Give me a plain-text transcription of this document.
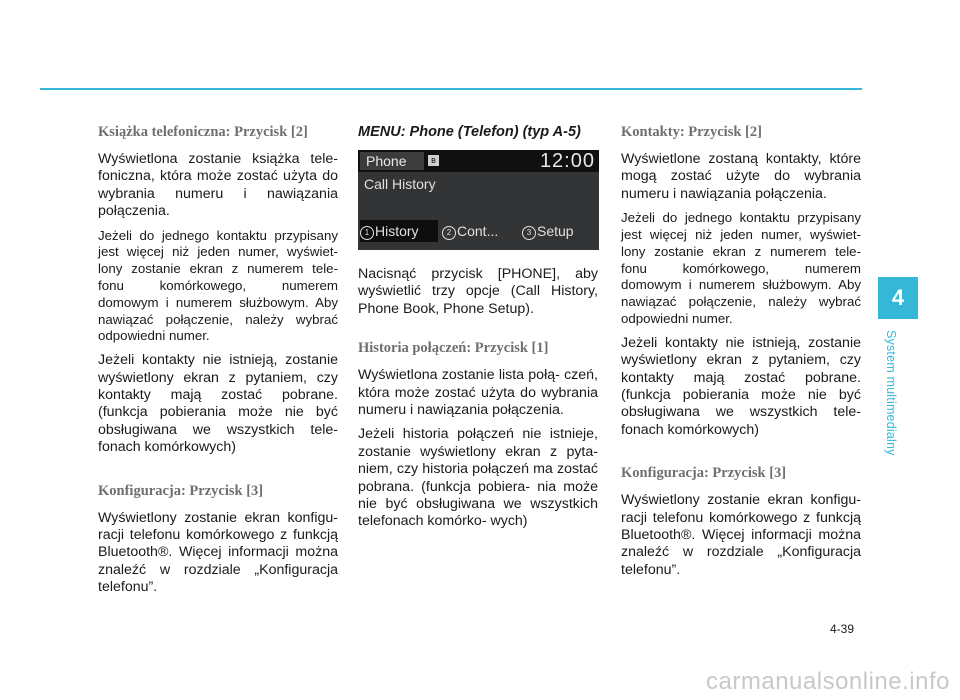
Książka telefoniczna: Przycisk [2]
Wyświetlona zostanie książka tele- foniczna, która może zostać użyta do wybrania numeru i nawiązania połączenia.
Jeżeli do jednego kontaktu przypisany jest więcej niż jeden numer, wyświet- lony zostanie ekran z numerem tele- fonu komórkowego, numerem domowym i numerem służbowym. Aby nawiązać połączenie, należy wybrać odpowiedni numer.
Jeżeli kontakty nie istnieją, zostanie wyświetlony ekran z pytaniem, czy kontakty mają zostać pobrane. (funkcja pobierania może nie być obsługiwana we wszystkich tele- fonach komórkowych)
Konfiguracja: Przycisk [3]
Wyświetlony zostanie ekran konfigu- racji telefonu komórkowego z funkcją Bluetooth®. Więcej informacji można znaleźć w rozdziale „Konfiguracja telefonu”.
MENU: Phone (Telefon) (typ A-5)
Phone	ʙ	12:00
Call History
1 History	2 Cont...	3 Setup
Nacisnąć przycisk [PHONE], aby wyświetlić trzy opcje (Call History, Phone Book, Phone Setup).
Historia połączeń: Przycisk [1]
Wyświetlona zostanie lista połą- czeń, która może zostać użyta do wybrania numeru i nawiązania połączenia.
Jeżeli historia połączeń nie istnieje, zostanie wyświetlony ekran z pyta- niem, czy historia połączeń ma zostać pobrana. (funkcja pobiera- nia może nie być obsługiwana we wszystkich telefonach komórko- wych)
Kontakty: Przycisk [2]
Wyświetlone zostaną kontakty, które mogą zostać użyte do wybrania numeru i nawiązania połączenia.
Jeżeli do jednego kontaktu przypisany jest więcej niż jeden numer, wyświet- lony zostanie ekran z numerem tele- fonu komórkowego, numerem domowym i numerem służbowym. Aby nawiązać połączenie, należy wybrać odpowiedni numer.
Jeżeli kontakty nie istnieją, zostanie wyświetlony ekran z pytaniem, czy kontakty mają zostać pobrane. (funkcja pobierania może nie być obsługiwana we wszystkich tele- fonach komórkowych)
Konfiguracja: Przycisk [3]
Wyświetlony zostanie ekran konfigu- racji telefonu komórkowego z funkcją Bluetooth®. Więcej informacji można znaleźć w rozdziale „Konfiguracja telefonu”.
4
System multimedialny
4-39
carmanualsonline.info
